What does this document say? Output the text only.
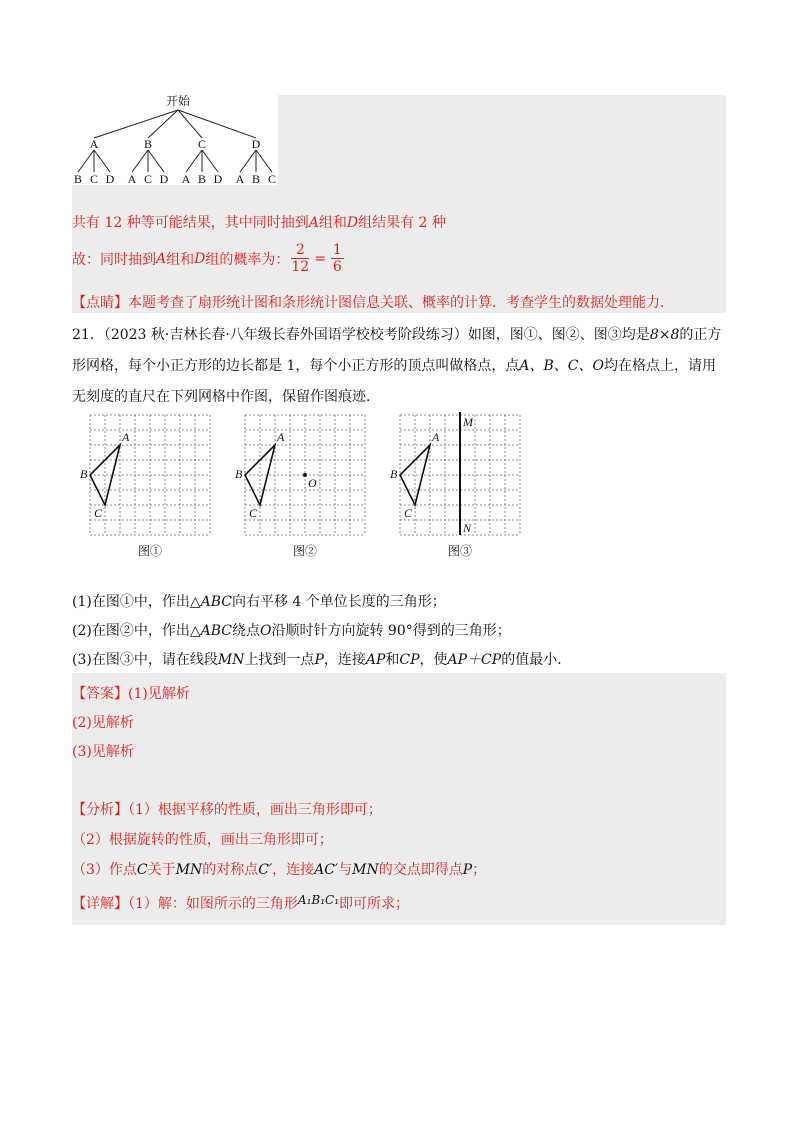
开始
A	B	C	D
B C D A C D A B D A B C
共有 12 种等可能结果，其中同时抽到A组和D组结果有 2 种
故：同时抽到 A 组和 D 组的概率为： $\frac{2}{12} = \frac{1}{6}$
【点睛】本题考查了扇形统计图和条形统计图信息关联、概率的计算．考查学生的数据处理能力．
21．（2023 秋·吉林长春·八年级长春外国语学校校考阶段练习）如图，图①、图②、图③均是8×8的正方
形网格，每个小正方形的边长都是 1，每个小正方形的顶点叫做格点，点A、B、C、O均在格点上，请用
无刻度的直尺在下列网格中作图，保留作图痕迹．
A
B
C
图①
A
B
C
O
图②
A
B
C
M
N
图③
(1)在图①中，作出△ABC向右平移 4 个单位长度的三角形；
(2)在图②中，作出△ABC绕点O沿顺时针方向旋转 90°得到的三角形；
(3)在图③中，请在线段MN上找到一点P，连接AP和CP，使AP＋CP的值最小．
【答案】(1)见解析
(2)见解析
(3)见解析
【分析】（1）根据平移的性质，画出三角形即可；
（2）根据旋转的性质，画出三角形即可；
（3）作点C关于MN的对称点C′，连接AC′与MN的交点即得点P；
【详解】（1）解：如图所示的三角形A₁B₁C₁即可所求；
